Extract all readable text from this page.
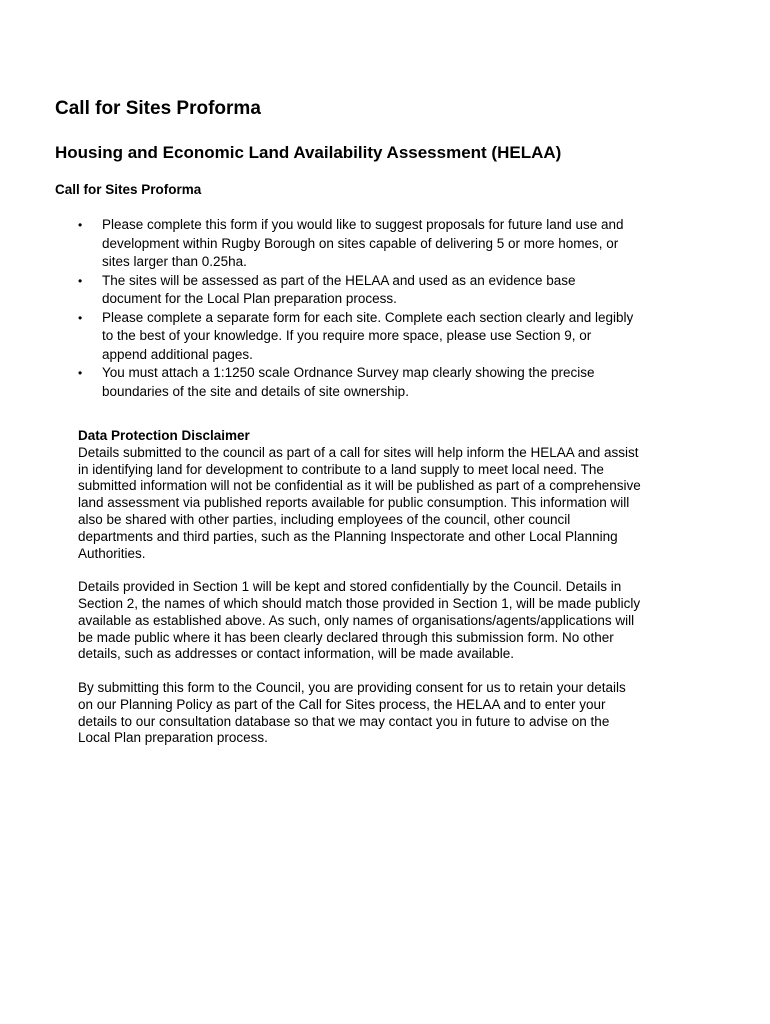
Call for Sites Proforma
Housing and Economic Land Availability Assessment (HELAA)
Call for Sites Proforma
•	Please complete this form if you would like to suggest proposals for future land use and development within Rugby Borough on sites capable of delivering 5 or more homes, or sites larger than 0.25ha.
•	The sites will be assessed as part of the HELAA and used as an evidence base document for the Local Plan preparation process.
•	Please complete a separate form for each site. Complete each section clearly and legibly to the best of your knowledge. If you require more space, please use Section 9, or append additional pages.
•	You must attach a 1:1250 scale Ordnance Survey map clearly showing the precise boundaries of the site and details of site ownership.

Data Protection Disclaimer

Details submitted to the council as part of a call for sites will help inform the HELAA and assist in identifying land for development to contribute to a land supply to meet local need. The submitted information will not be confidential as it will be published as part of a comprehensive land assessment via published reports available for public consumption. This information will also be shared with other parties, including employees of the council, other council departments and third parties, such as the Planning Inspectorate and other Local Planning Authorities.

Details provided in Section 1 will be kept and stored confidentially by the Council. Details in Section 2, the names of which should match those provided in Section 1, will be made publicly available as established above. As such, only names of organisations/agents/applications will be made public where it has been clearly declared through this submission form. No other details, such as addresses or contact information, will be made available.

By submitting this form to the Council, you are providing consent for us to retain your details on our Planning Policy as part of the Call for Sites process, the HELAA and to enter your details to our consultation database so that we may contact you in future to advise on the Local Plan preparation process.
